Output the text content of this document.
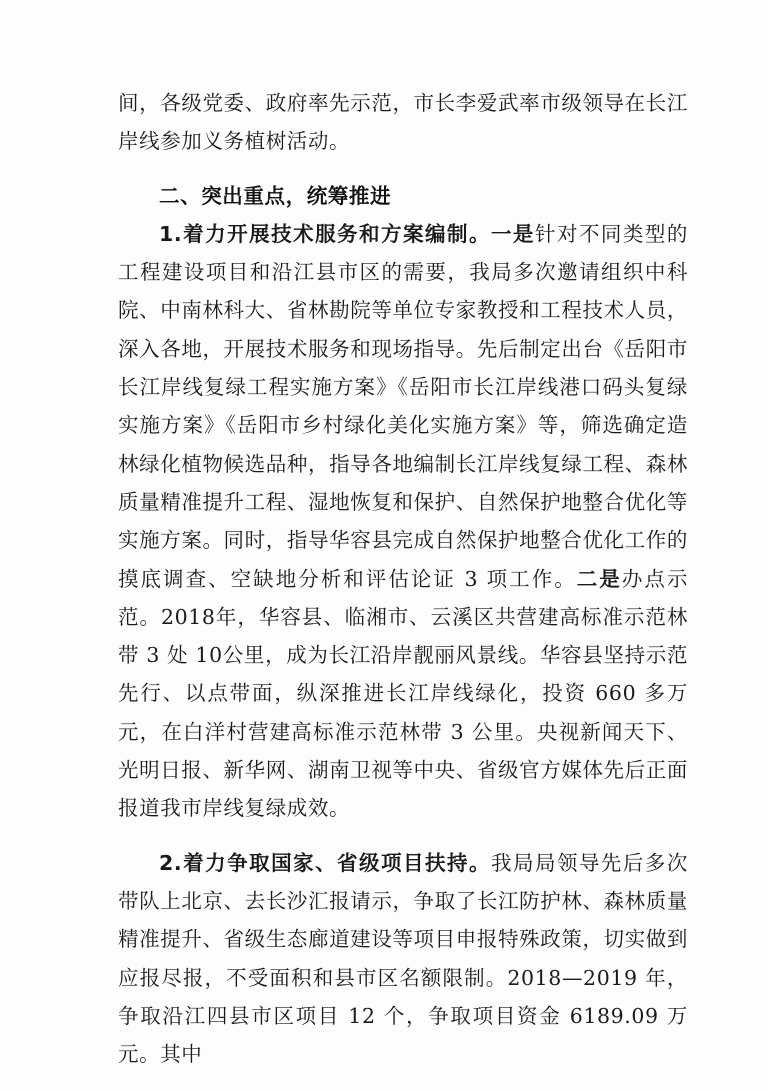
间，各级党委、政府率先示范，市长李爱武率市级领导在长江岸线参加义务植树活动。

二、突出重点，统筹推进

1.着力开展技术服务和方案编制。一是针对不同类型的工程建设项目和沿江县市区的需要，我局多次邀请组织中科院、中南林科大、省林勘院等单位专家教授和工程技术人员，深入各地，开展技术服务和现场指导。先后制定出台《岳阳市长江岸线复绿工程实施方案》《岳阳市长江岸线港口码头复绿实施方案》《岳阳市乡村绿化美化实施方案》等，筛选确定造林绿化植物候选品种，指导各地编制长江岸线复绿工程、森林质量精准提升工程、湿地恢复和保护、自然保护地整合优化等实施方案。同时，指导华容县完成自然保护地整合优化工作的摸底调查、空缺地分析和评估论证 3 项工作。二是办点示范。2018年，华容县、临湘市、云溪区共营建高标准示范林带 3 处 10公里，成为长江沿岸靓丽风景线。华容县坚持示范先行、以点带面，纵深推进长江岸线绿化，投资 660 多万元，在白洋村营建高标准示范林带 3 公里。央视新闻天下、光明日报、新华网、湖南卫视等中央、省级官方媒体先后正面报道我市岸线复绿成效。

2.着力争取国家、省级项目扶持。我局局领导先后多次带队上北京、去长沙汇报请示，争取了长江防护林、森林质量精准提升、省级生态廊道建设等项目申报特殊政策，切实做到应报尽报，不受面积和县市区名额限制。2018—2019 年，争取沿江四县市区项目 12 个，争取项目资金 6189.09 万元。其中
